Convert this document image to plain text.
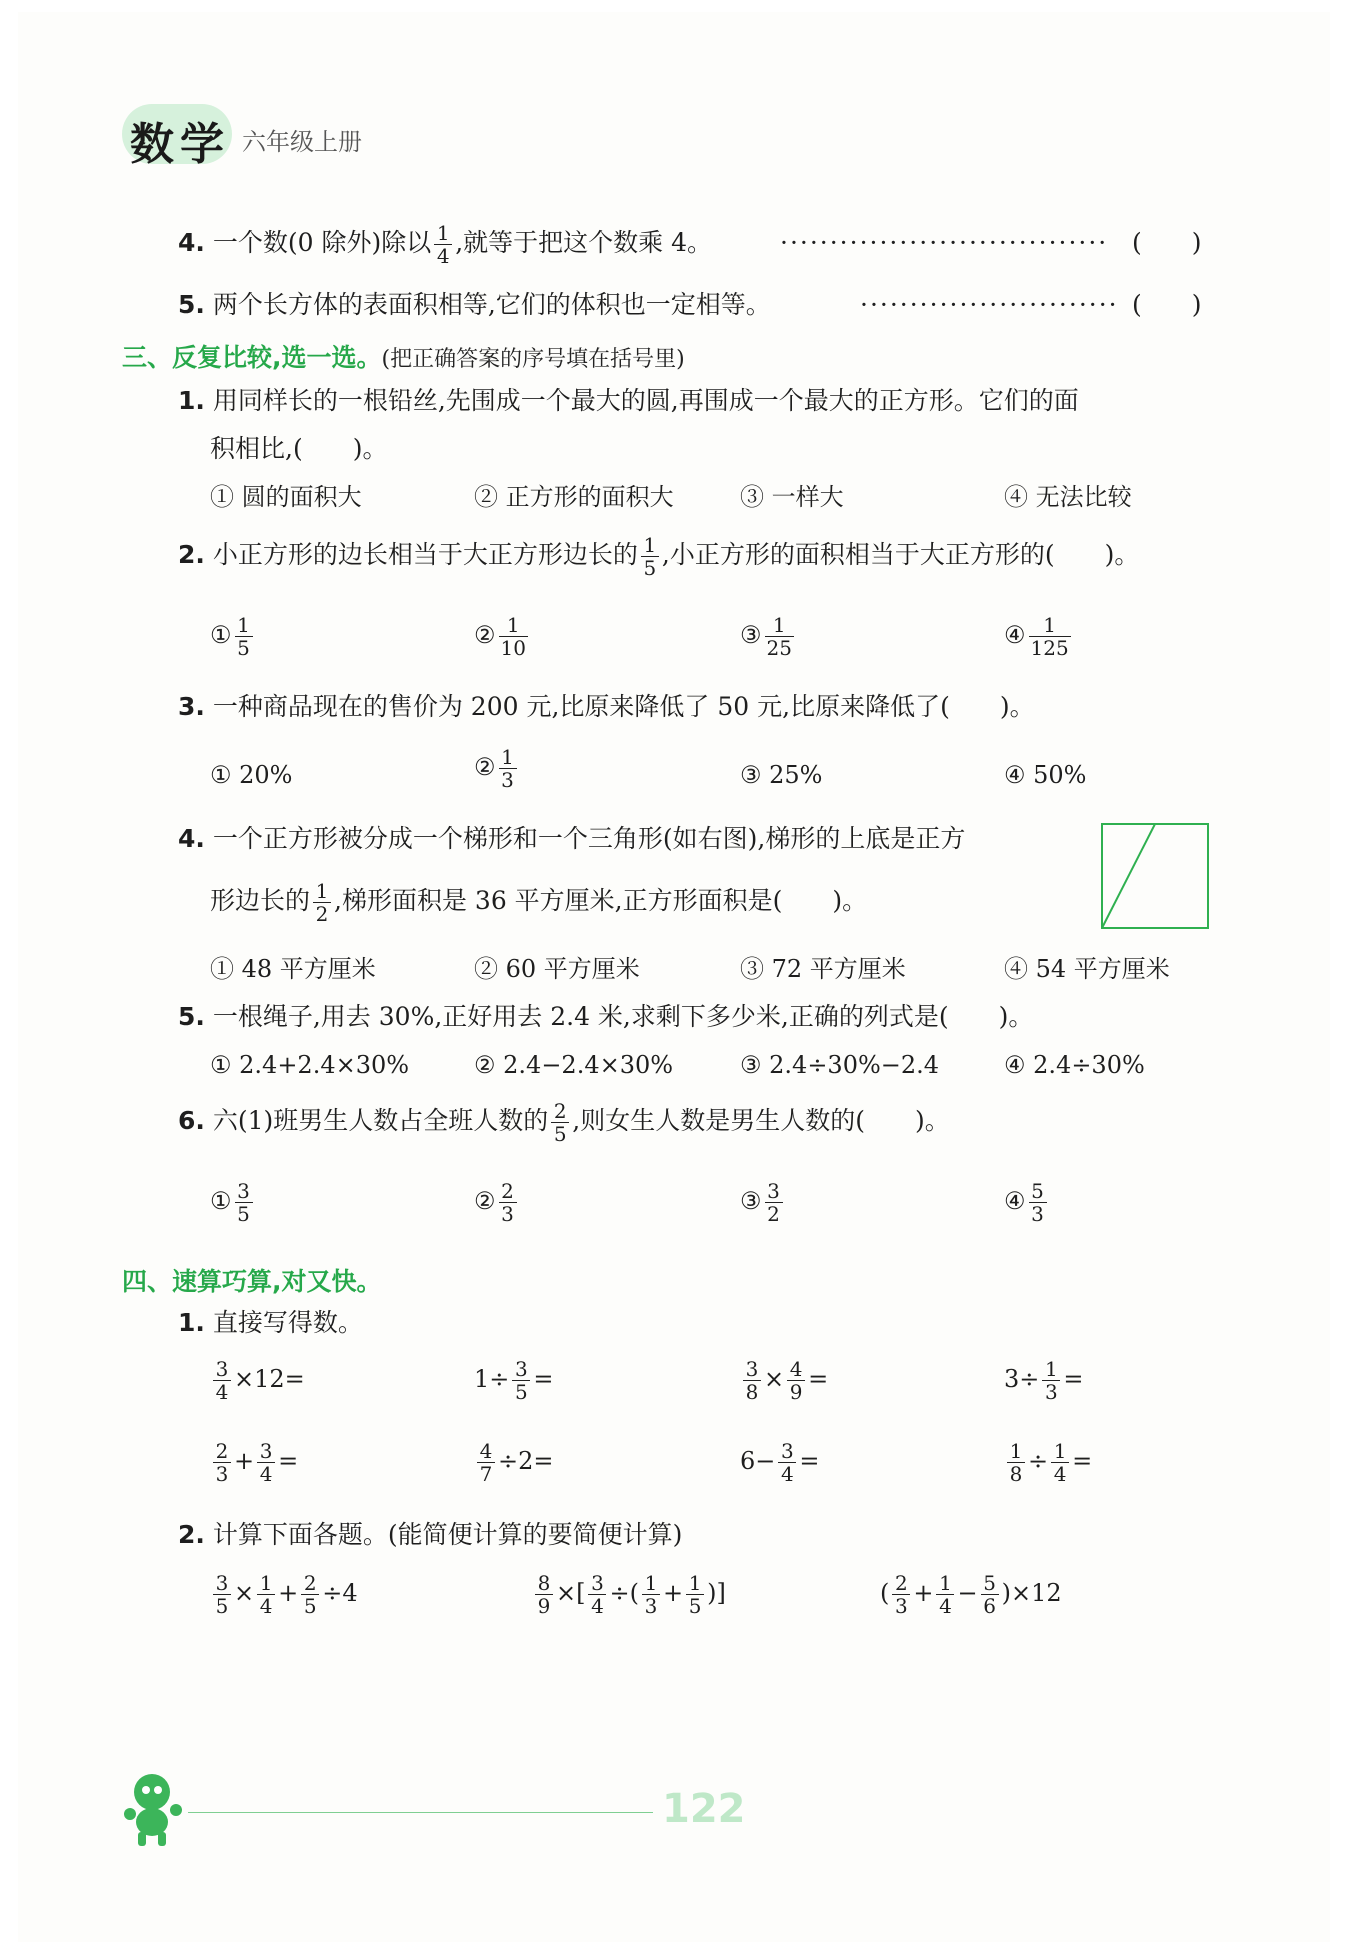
数学 六年级上册
4. 一个数(0 除外)除以 $\frac{1}{4}$ ,就等于把这个数乘 4。	································· (　　)
5. 两个长方体的表面积相等,它们的体积也一定相等。	·························· (　　)
三、反复比较,选一选。(把正确答案的序号填在括号里)
1. 用同样长的一根铅丝,先围成一个最大的圆,再围成一个最大的正方形。它们的面
积相比,(　　)。
① 圆的面积大	② 正方形的面积大	③ 一样大	④ 无法比较
2. 小正方形的边长相当于大正方形边长的 $\frac{1}{5}$ ,小正方形的面积相当于大正方形的(　　)。
① $\frac{1}{5}$	② $\frac{1}{10}$	③ $\frac{1}{25}$	④ $\frac{1}{125}$
3. 一种商品现在的售价为 200 元,比原来降低了 50 元,比原来降低了(　　)。
① 20%	② $\frac{1}{3}$	③ 25%	④ 50%
4. 一个正方形被分成一个梯形和一个三角形(如右图),梯形的上底是正方
形边长的 $\frac{1}{2}$ ,梯形面积是 36 平方厘米,正方形面积是(　　)。
① 48 平方厘米	② 60 平方厘米	③ 72 平方厘米	④ 54 平方厘米
5. 一根绳子,用去 30%,正好用去 2.4 米,求剩下多少米,正确的列式是(　　)。
① 2.4+2.4×30%	② 2.4−2.4×30%	③ 2.4÷30%−2.4	④ 2.4÷30%
6. 六(1)班男生人数占全班人数的 $\frac{2}{5}$ ,则女生人数是男生人数的(　　)。
① $\frac{3}{5}$	② $\frac{2}{3}$	③ $\frac{3}{2}$	④ $\frac{5}{3}$
四、速算巧算,对又快。
1. 直接写得数。
$\frac{3}{4} \times 12=$	$1\div \frac{3}{5}$ =	$\frac{3}{8} \times \frac{4}{9}$ =	$3\div \frac{1}{3}$ =
$\frac{2}{3} + \frac{3}{4}$ =	$\frac{4}{7} \div 2=$	$6- \frac{3}{4}$ =	$\frac{1}{8} \div \frac{1}{4}$ =
2. 计算下面各题。(能简便计算的要简便计算)
$\frac{3}{5} \times \frac{1}{4} + \frac{2}{5} \div 4$	$\frac{8}{9}$ ×[ $\frac{3}{4}$ ÷( $\frac{1}{3} + \frac{1}{5}$ )]	( $\frac{2}{3} + \frac{1}{4} - \frac{5}{6} )\times 12$
122
